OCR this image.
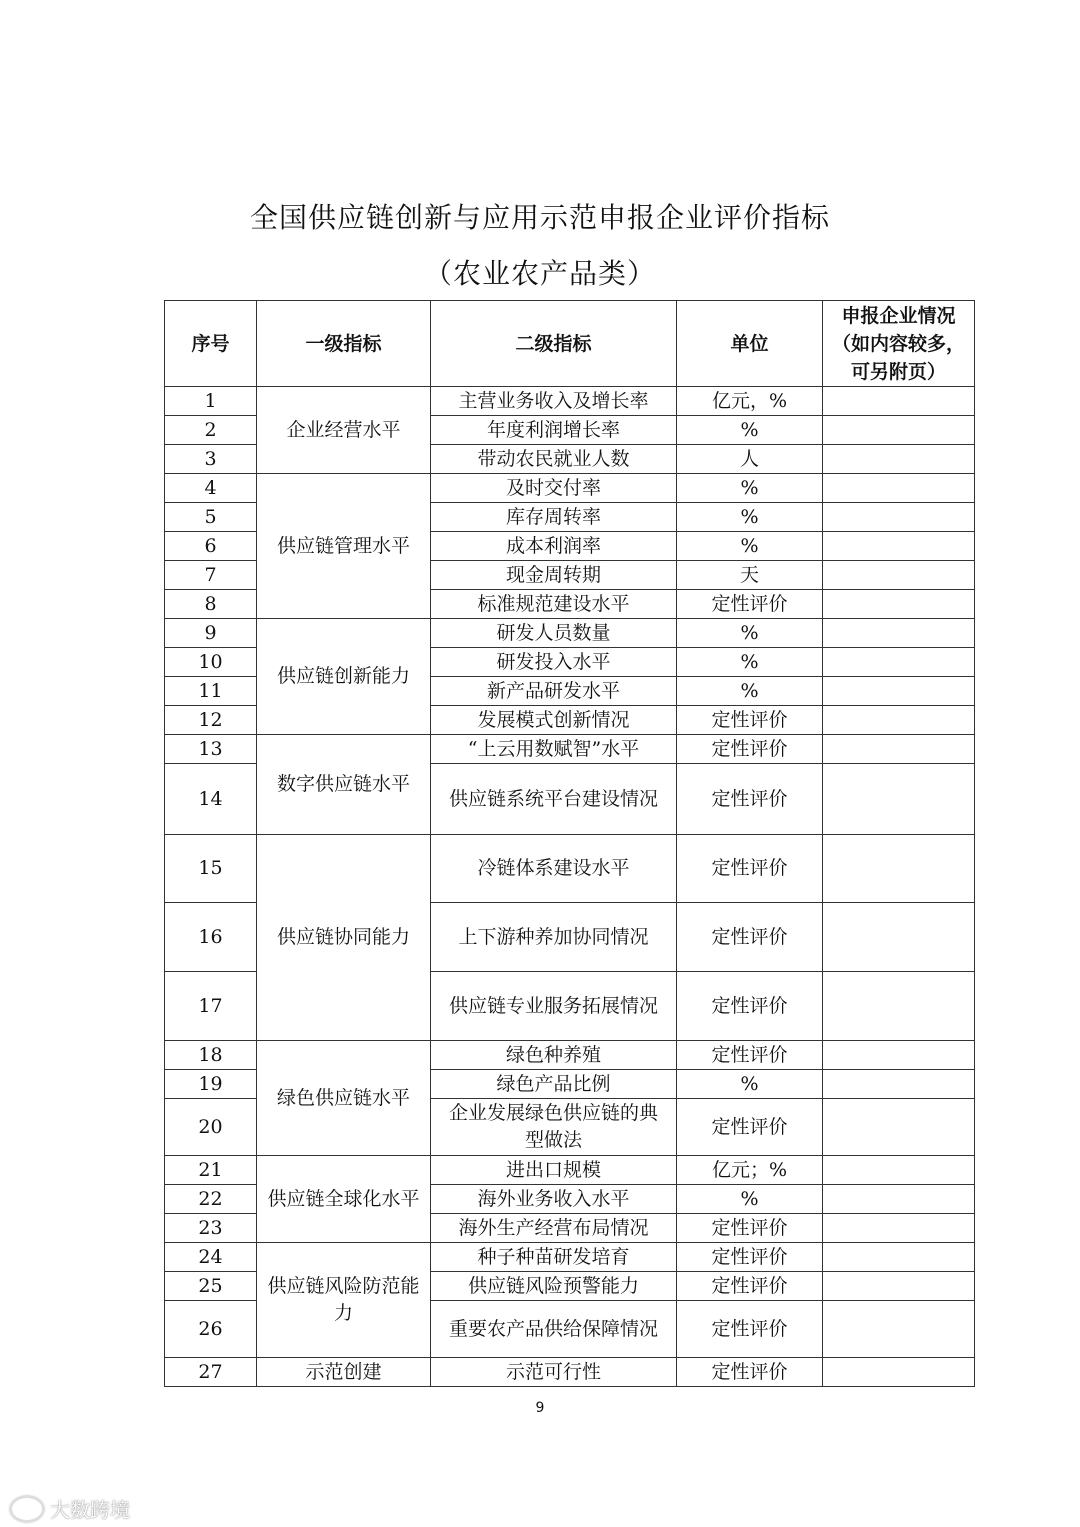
全国供应链创新与应用示范申报企业评价指标
（农业农产品类）
序号	一级指标	二级指标	单位	申报企业情况（如内容较多，可另附页）
1	企业经营水平	主营业务收入及增长率	亿元，%	
2		年度利润增长率	%	
3		带动农民就业人数	人	
4	供应链管理水平	及时交付率	%	
5		库存周转率	%	
6		成本利润率	%	
7		现金周转期	天	
8		标准规范建设水平	定性评价	
9	供应链创新能力	研发人员数量	%	
10		研发投入水平	%	
11		新产品研发水平	%	
12		发展模式创新情况	定性评价	
13	数字供应链水平	“上云用数赋智”水平	定性评价	
14		供应链系统平台建设情况	定性评价	
15	供应链协同能力	冷链体系建设水平	定性评价	
16		上下游种养加协同情况	定性评价	
17		供应链专业服务拓展情况	定性评价	
18	绿色供应链水平	绿色种养殖	定性评价	
19		绿色产品比例	%	
20		企业发展绿色供应链的典型做法	定性评价	
21	供应链全球化水平	进出口规模	亿元；%	
22		海外业务收入水平	%	
23		海外生产经营布局情况	定性评价	
24	供应链风险防范能力	种子种苗研发培育	定性评价	
25		供应链风险预警能力	定性评价	
26		重要农产品供给保障情况	定性评价	
27	示范创建	示范可行性	定性评价	
9
大数跨境
